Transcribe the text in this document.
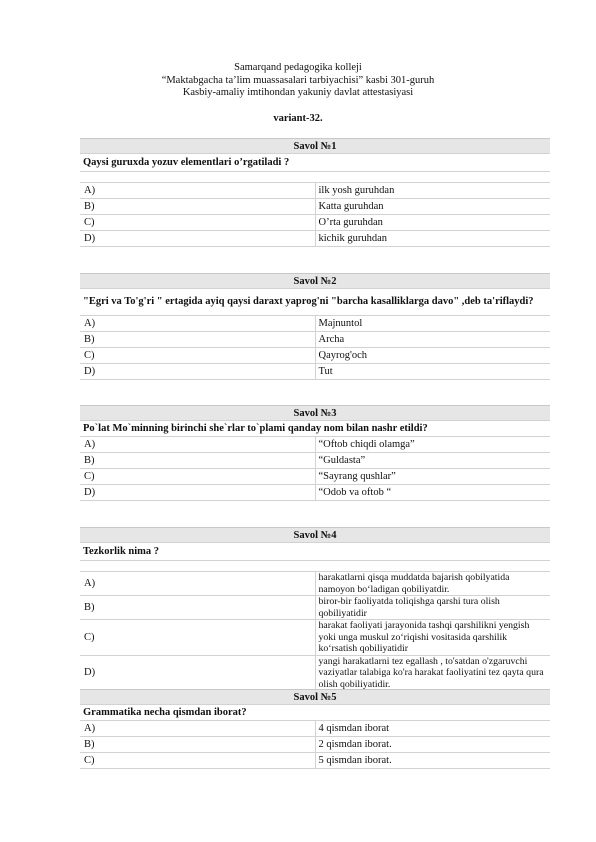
Samarqand pedagogika kolleji
“Maktabgacha ta’lim muassasalari tarbiyachisi” kasbi 301-guruh
Kasbiy-amaliy imtihondan yakuniy davlat attestasiyasi
variant-32.
Savol №1	
Qaysi guruxda yozuv elementlari o’rgatiladi ?	

A)	ilk yosh guruhdan
B)	Katta guruhdan
C)	O’rta guruhdan
D)	kichik guruhdan
Savol №2	
"Egri va To'g'ri " ertagida ayiq qaysi daraxt yaprog'ni "barcha kasalliklarga davo" ,deb ta'riflaydi?	
A)	Majnuntol
B)	Archa
C)	Qayrog'och
D)	Tut
Savol №3	
Po`lat Mo`minning birinchi she`rlar to`plami qanday nom bilan nashr etildi?	
A)	“Oftob chiqdi olamga”
B)	“Guldasta”
C)	“Sayrang qushlar”
D)	“Odob va oftob “
Savol №4	
Tezkorlik nima ?	

A)	harakatlarni qisqa muddatda bajarish qobilyatida namoyon bo‘ladigan qobiliyatdir.
B)	biror-bir faoliyatda toliqishga qarshi tura olish qobiliyatidir
C)	harakat faoliyati jarayonida tashqi qarshilikni yengish yoki unga muskul zo‘riqishi vositasida qarshilik ko‘rsatish qobiliyatidir
D)	yangi harakatlarni tez egallash , to'satdan o'zgaruvchi vaziyatlar talabiga ko'ra harakat faoliyatini tez qayta qura olish qobiliyatidir.
Savol №5	
Grammatika necha qismdan iborat?	
A)	4 qismdan iborat
B)	2 qismdan iborat.
C)	5 qismdan iborat.
